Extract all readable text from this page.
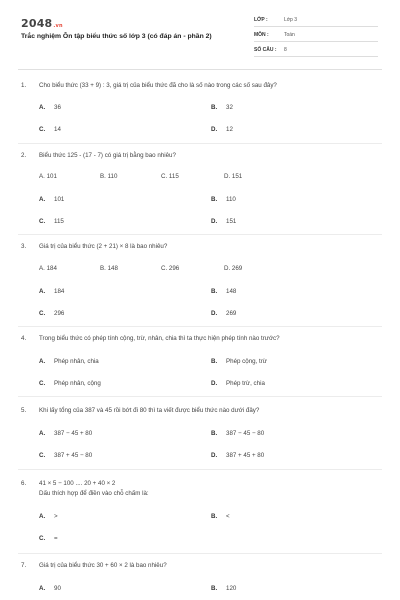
2048.vn
Trắc nghiệm Ôn tập biểu thức số lớp 3 (có đáp án - phần 2)
LỚP :	Lớp 3
MÔN :	Toán
SỐ CÂU : 8
1. Cho biểu thức (33 + 9) : 3, giá trị của biểu thức đã cho là số nào trong các số sau đây?
A. 36	B. 32
C. 14	D. 12
2. Biểu thức 125 - (17 - 7) có giá trị bằng bao nhiêu?
A. 101	B. 110	C. 115	D. 151
A. 101	B. 110
C. 115	D. 151
3. Giá trị của biểu thức (2 + 21) × 8 là bao nhiêu?
A. 184	B. 148	C. 296	D. 269
A. 184	B. 148
C. 296	D. 269
4. Trong biểu thức có phép tính cộng, trừ, nhân, chia thì ta thực hiện phép tính nào trước?
A. Phép nhân, chia	B. Phép cộng, trừ
C. Phép nhân, cộng	D. Phép trừ, chia
5. Khi lấy tổng của 387 và 45 rồi bớt đi 80 thì ta viết được biểu thức nào dưới đây?
A. 387 − 45 + 80	B. 387 − 45 − 80
C. 387 + 45 − 80	D. 387 + 45 + 80
6. 41 × 5 − 100 .... 20 + 40 × 2
Dấu thích hợp để điền vào chỗ chấm là:
A. >	B. <
C. =
7. Giá trị của biểu thức 30 + 60 × 2 là bao nhiêu?
A. 90	B. 120
